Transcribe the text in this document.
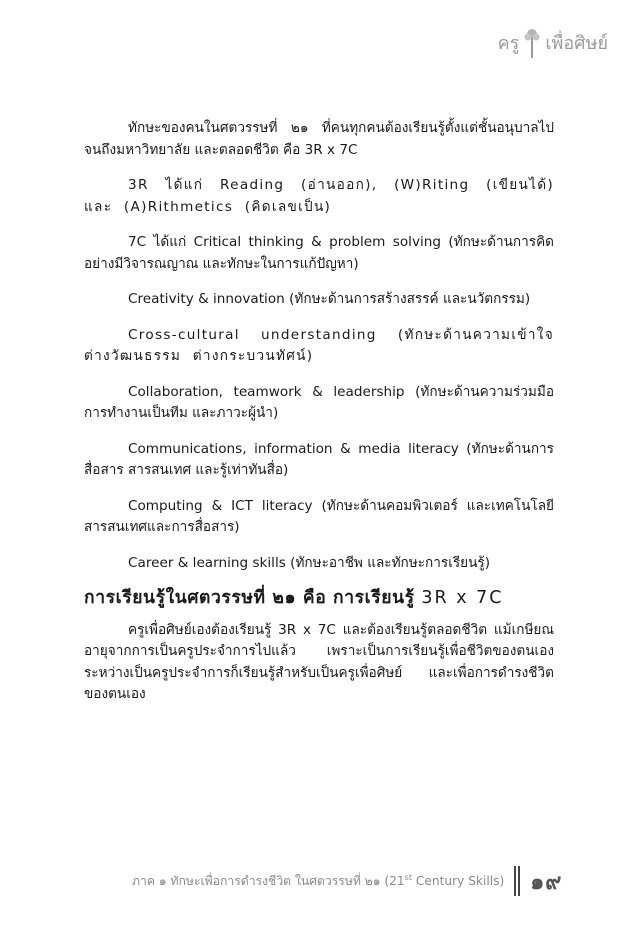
ครู เพื่อศิษย์

ทักษะของคนในศตวรรษที่ ๒๑ ที่คนทุกคนต้องเรียนรู้ตั้งแต่ชั้นอนุบาลไปจนถึงมหาวิทยาลัย และตลอดชีวิต คือ 3R x 7C

3R ได้แก่ Reading (อ่านออก), (W)Riting (เขียนได้) และ (A)Rithmetics (คิดเลขเป็น)

7C ได้แก่ Critical thinking & problem solving (ทักษะด้านการคิดอย่างมีวิจารณญาณ และทักษะในการแก้ปัญหา)

Creativity & innovation (ทักษะด้านการสร้างสรรค์ และนวัตกรรม)

Cross-cultural understanding (ทักษะด้านความเข้าใจต่างวัฒนธรรม ต่างกระบวนทัศน์)

Collaboration, teamwork & leadership (ทักษะด้านความร่วมมือ การทำงานเป็นทีม และภาวะผู้นำ)

Communications, information & media literacy (ทักษะด้านการสื่อสาร สารสนเทศ และรู้เท่าทันสื่อ)

Computing & ICT literacy (ทักษะด้านคอมพิวเตอร์ และเทคโนโลยีสารสนเทศและการสื่อสาร)

Career & learning skills (ทักษะอาชีพ และทักษะการเรียนรู้)

การเรียนรู้ในศตวรรษที่ ๒๑ คือ การเรียนรู้ 3R x 7C

ครูเพื่อศิษย์เองต้องเรียนรู้ 3R x 7C และต้องเรียนรู้ตลอดชีวิต แม้เกษียณอายุจากการเป็นครูประจำการไปแล้ว เพราะเป็นการเรียนรู้เพื่อชีวิตของตนเอง ระหว่างเป็นครูประจำการก็เรียนรู้สำหรับเป็นครูเพื่อศิษย์ และเพื่อการดำรงชีวิตของตนเอง

ภาค ๑ ทักษะเพื่อการดำรงชีวิต ในศตวรรษที่ ๒๑ (21st Century Skills) ๑๙
